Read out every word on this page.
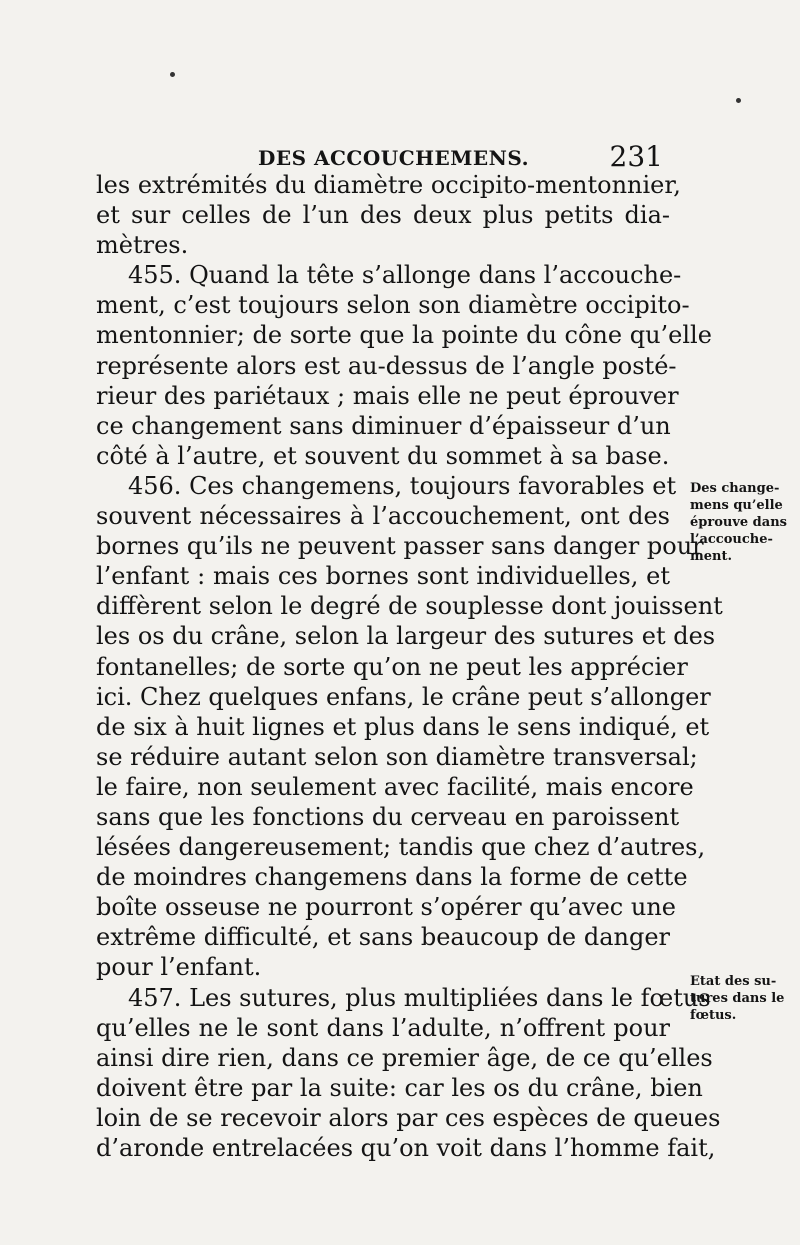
DES ACCOUCHEMENS.	231
les extrémités du diamètre occipito-mentonnier,
et sur celles de l’un des deux plus petits dia-
mètres.
455. Quand la tête s’allonge dans l’accouche-
ment, c’est toujours selon son diamètre occipito-
mentonnier; de sorte que la pointe du cône qu’elle
représente alors est au-dessus de l’angle posté-
rieur des pariétaux ; mais elle ne peut éprouver
ce changement sans diminuer d’épaisseur d’un
côté à l’autre, et souvent du sommet à sa base.
456. Ces changemens, toujours favorables et
souvent nécessaires à l’accouchement, ont des
bornes qu’ils ne peuvent passer sans danger pour
l’enfant : mais ces bornes sont individuelles, et
diffèrent selon le degré de souplesse dont jouissent
les os du crâne, selon la largeur des sutures et des
fontanelles; de sorte qu’on ne peut les apprécier
ici. Chez quelques enfans, le crâne peut s’allonger
de six à huit lignes et plus dans le sens indiqué, et
se réduire autant selon son diamètre transversal;
le faire, non seulement avec facilité, mais encore
sans que les fonctions du cerveau en paroissent
lésées dangereusement; tandis que chez d’autres,
de moindres changemens dans la forme de cette
boîte osseuse ne pourront s’opérer qu’avec une
extrême difficulté, et sans beaucoup de danger
pour l’enfant.
457. Les sutures, plus multipliées dans le fœtus
qu’elles ne le sont dans l’adulte, n’offrent pour
ainsi dire rien, dans ce premier âge, de ce qu’elles
doivent être par la suite: car les os du crâne, bien
loin de se recevoir alors par ces espèces de queues
d’aronde entrelacées qu’on voit dans l’homme fait,
Des change-
mens qu’elle
éprouve dans
l’accouche-
ment.
Etat des su-
tures dans le
fœtus.
